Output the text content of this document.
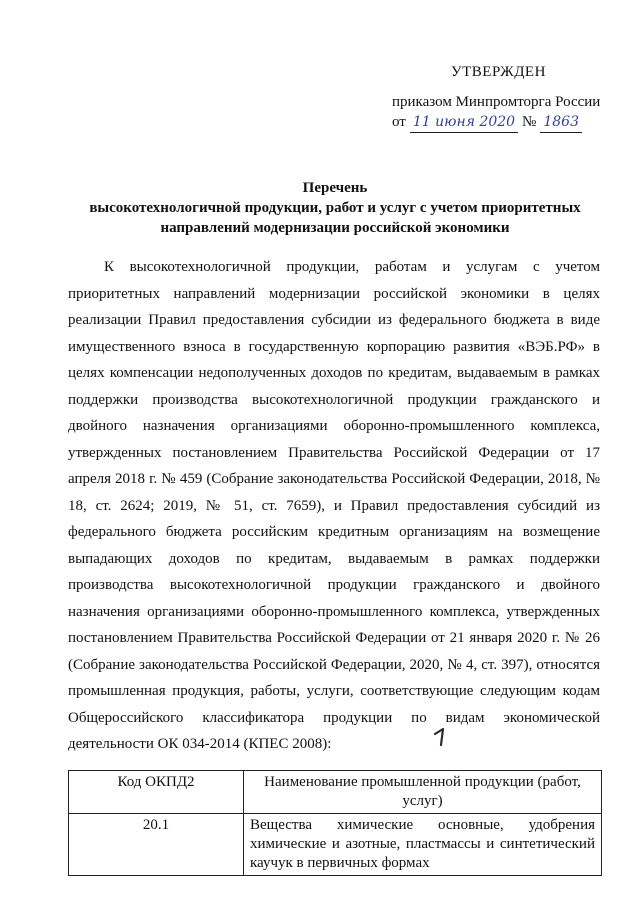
УТВЕРЖДЕН
приказом Минпромторга России
от 11 июня 2020 № 1863
Перечень
высокотехнологичной продукции, работ и услуг с учетом приоритетных
направлений модернизации российской экономики

К высокотехнологичной продукции, работам и услугам с учетом приоритетных направлений модернизации российской экономики в целях реализации Правил предоставления субсидии из федерального бюджета в виде имущественного взноса в государственную корпорацию развития «ВЭБ.РФ» в целях компенсации недополученных доходов по кредитам, выдаваемым в рамках поддержки производства высокотехнологичной продукции гражданского и двойного назначения организациями оборонно-промышленного комплекса, утвержденных постановлением Правительства Российской Федерации от 17 апреля 2018 г. № 459 (Собрание законодательства Российской Федерации, 2018, № 18, ст. 2624; 2019, № 51, ст. 7659), и Правил предоставления субсидий из федерального бюджета российским кредитным организациям на возмещение выпадающих доходов по кредитам, выдаваемым в рамках поддержки производства высокотехнологичной продукции гражданского и двойного назначения организациями оборонно-промышленного комплекса, утвержденных постановлением Правительства Российской Федерации от 21 января 2020 г. № 26 (Собрание законодательства Российской Федерации, 2020, № 4, ст. 397), относятся промышленная продукция, работы, услуги, соответствующие следующим кодам Общероссийского классификатора продукции по видам экономической деятельности ОК 034-2014 (КПЕС 2008):

Код ОКПД2	Наименование промышленной продукции (работ, услуг)
20.1	Вещества химические основные, удобрения химические и азотные, пластмассы и синтетический каучук в первичных формах
